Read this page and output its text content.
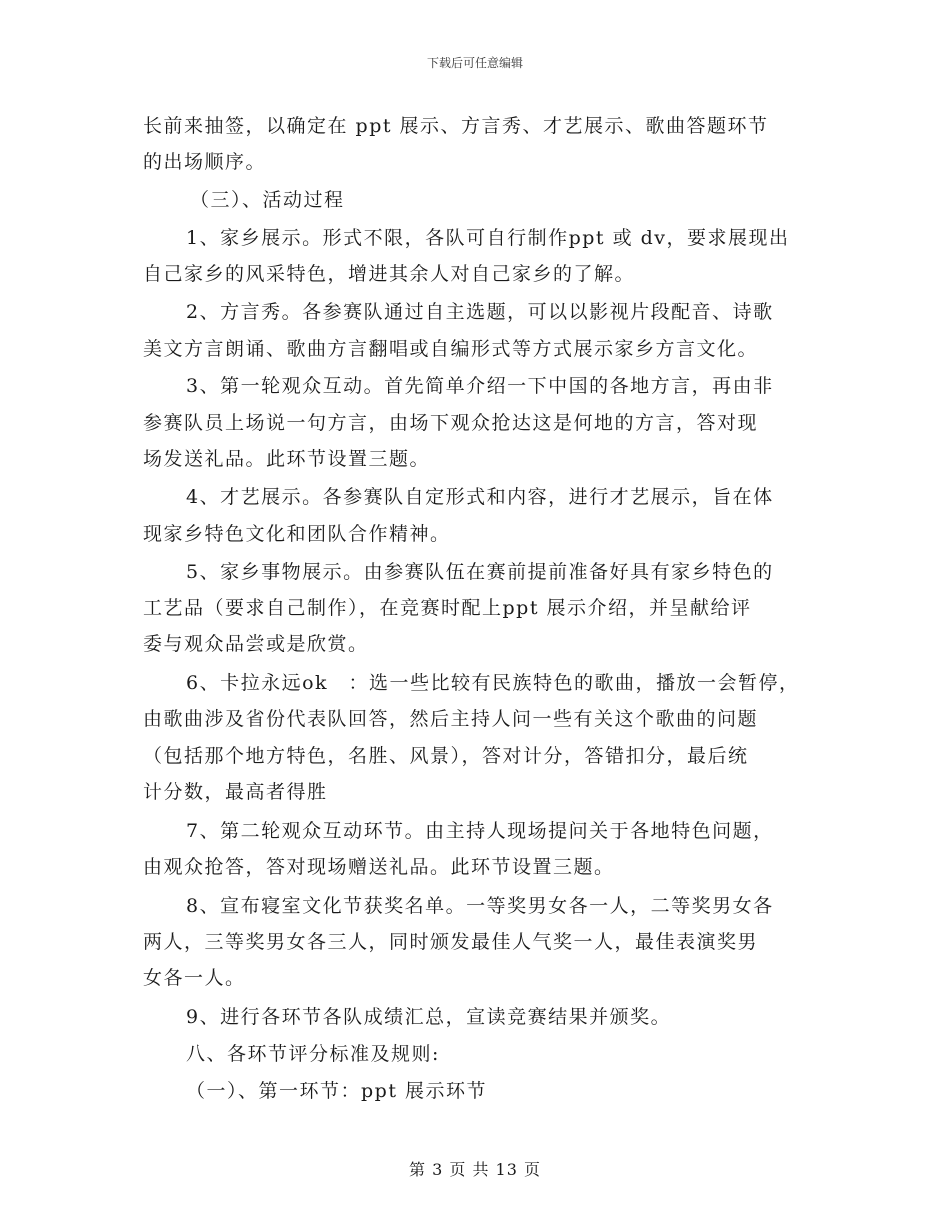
下载后可任意编辑
长前来抽签，以确定在 ppt 展示、方言秀、才艺展示、歌曲答题环节
的出场顺序。
（三）、活动过程
1、家乡展示。形式不限，各队可自行制作ppt 或 dv，要求展现出
自己家乡的风采特色，增进其余人对自己家乡的了解。
2、方言秀。各参赛队通过自主选题，可以以影视片段配音、诗歌
美文方言朗诵、歌曲方言翻唱或自编形式等方式展示家乡方言文化。
3、第一轮观众互动。首先简单介绍一下中国的各地方言，再由非
参赛队员上场说一句方言，由场下观众抢达这是何地的方言，答对现
场发送礼品。此环节设置三题。
4、才艺展示。各参赛队自定形式和内容，进行才艺展示，旨在体
现家乡特色文化和团队合作精神。
5、家乡事物展示。由参赛队伍在赛前提前准备好具有家乡特色的
工艺品（要求自己制作），在竞赛时配上ppt 展示介绍，并呈献给评
委与观众品尝或是欣赏。
6、卡拉永远ok　：选一些比较有民族特色的歌曲，播放一会暂停，
由歌曲涉及省份代表队回答，然后主持人问一些有关这个歌曲的问题
（包括那个地方特色，名胜、风景），答对计分，答错扣分，最后统
计分数，最高者得胜
7、第二轮观众互动环节。由主持人现场提问关于各地特色问题，
由观众抢答，答对现场赠送礼品。此环节设置三题。
8、宣布寝室文化节获奖名单。一等奖男女各一人，二等奖男女各
两人，三等奖男女各三人，同时颁发最佳人气奖一人，最佳表演奖男
女各一人。
9、进行各环节各队成绩汇总，宣读竞赛结果并颁奖。
八、各环节评分标准及规则:
（一）、第一环节：ppt 展示环节
第 3 页 共 13 页
